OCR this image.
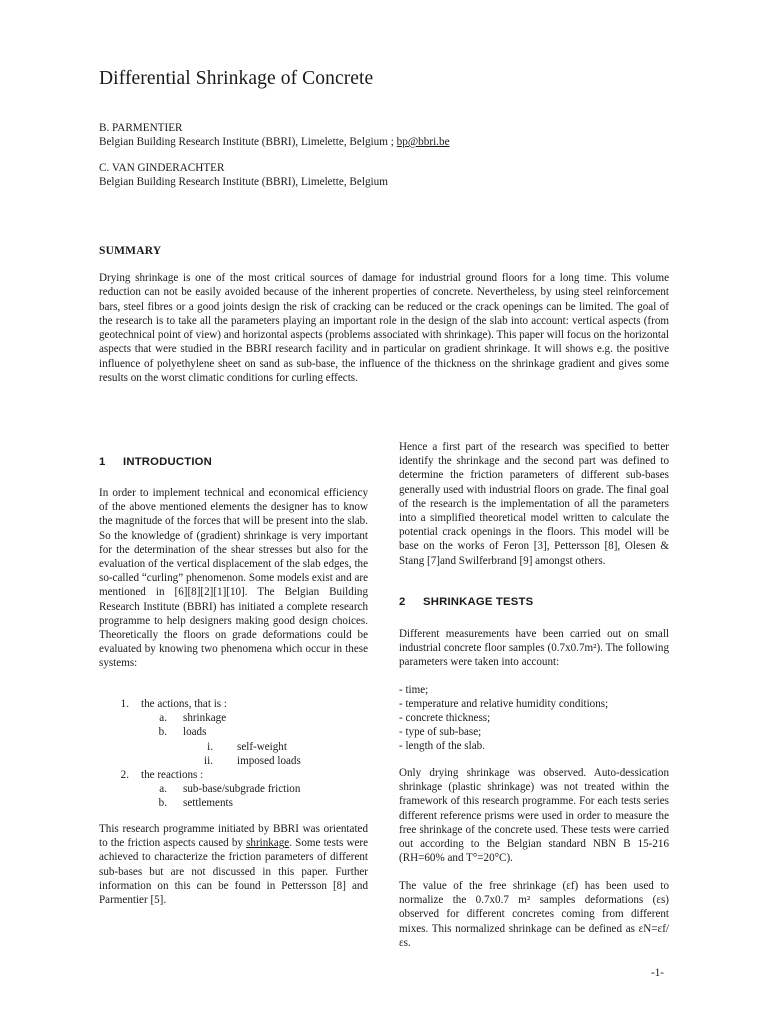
Differential Shrinkage of Concrete
B. PARMENTIER
Belgian Building Research Institute (BBRI), Limelette, Belgium ; bp@bbri.be
C. VAN GINDERACHTER
Belgian Building Research Institute (BBRI), Limelette, Belgium
SUMMARY
Drying shrinkage is one of the most critical sources of damage for industrial ground floors for a long time. This volume reduction can not be easily avoided because of the inherent properties of concrete. Nevertheless, by using steel reinforcement bars, steel fibres or a good joints design the risk of cracking can be reduced or the crack openings can be limited. The goal of the research is to take all the parameters playing an important role in the design of the slab into account: vertical aspects (from geotechnical point of view) and horizontal aspects (problems associated with shrinkage). This paper will focus on the horizontal aspects that were studied in the BBRI research facility and in particular on gradient shrinkage. It will shows e.g. the positive influence of polyethylene sheet on sand as sub-base, the influence of the thickness on the shrinkage gradient and gives some results on the worst climatic conditions for curling effects.
1 INTRODUCTION
In order to implement technical and economical efficiency of the above mentioned elements the designer has to know the magnitude of the forces that will be present into the slab. So the knowledge of (gradient) shrinkage is very important for the determination of the shear stresses but also for the evaluation of the vertical displacement of the slab edges, the so-called “curling” phenomenon. Some models exist and are mentioned in [6][8][2][1][10]. The Belgian Building Research Institute (BBRI) has initiated a complete research programme to help designers making good design choices. Theoretically the floors on grade deformations could be evaluated by knowing two phenomena which occur in these systems:
1. the actions, that is :
a. shrinkage
b. loads
i. self-weight
ii. imposed loads
2. the reactions :
a. sub-base/subgrade friction
b. settlements
This research programme initiated by BBRI was orientated to the friction aspects caused by shrinkage. Some tests were achieved to characterize the friction parameters of different sub-bases but are not discussed in this paper. Further information on this can be found in Pettersson [8] and Parmentier [5].
Hence a first part of the research was specified to better identify the shrinkage and the second part was defined to determine the friction parameters of different sub-bases generally used with industrial floors on grade. The final goal of the research is the implementation of all the parameters into a simplified theoretical model written to calculate the potential crack openings in the floors. This model will be base on the works of Feron [3], Pettersson [8], Olesen & Stang [7]and Swilferbrand [9] amongst others.
2 SHRINKAGE TESTS
Different measurements have been carried out on small industrial concrete floor samples (0.7x0.7m²). The following parameters were taken into account:
- time;
- temperature and relative humidity conditions;
- concrete thickness;
- type of sub-base;
- length of the slab.
Only drying shrinkage was observed. Auto-dessication shrinkage (plastic shrinkage) was not treated within the framework of this research programme. For each tests series different reference prisms were used in order to measure the free shrinkage of the concrete used. These tests were carried out according to the Belgian standard NBN B 15-216 (RH=60% and T°=20°C).
The value of the free shrinkage (εf) has been used to normalize the 0.7x0.7 m² samples deformations (εs) observed for different concretes coming from different mixes. This normalized shrinkage can be defined as εN=εf/εs.
-1-
